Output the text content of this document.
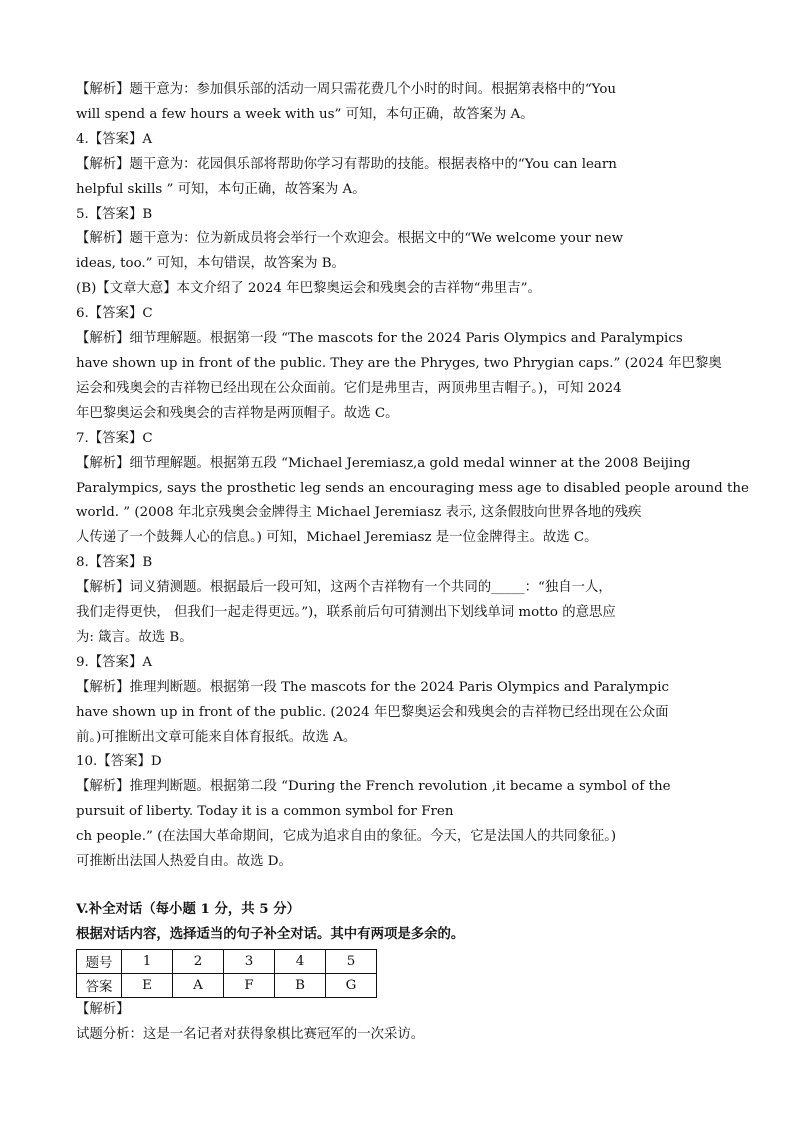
【解析】题干意为：参加俱乐部的活动一周只需花费几个小时的时间。根据第表格中的“You
will spend a few hours a week with us” 可知，本句正确，故答案为 A。
4.【答案】A
【解析】题干意为：花园俱乐部将帮助你学习有帮助的技能。根据表格中的“You can learn
helpful skills ” 可知，本句正确，故答案为 A。
5.【答案】B
【解析】题干意为：位为新成员将会举行一个欢迎会。根据文中的“We welcome your new
ideas, too.” 可知，本句错误，故答案为 B。
(B)【文章大意】本文介绍了 2024 年巴黎奥运会和残奥会的吉祥物“弗里吉”。
6.【答案】C
【解析】细节理解题。根据第一段 “The mascots for the 2024 Paris Olympics and Paralympics
have shown up in front of the public. They are the Phryges, two Phrygian caps.” (2024 年巴黎奥
运会和残奥会的吉祥物已经出现在公众面前。它们是弗里吉，两顶弗里吉帽子。)，可知 2024
年巴黎奥运会和残奥会的吉祥物是两顶帽子。故选 C。
7.【答案】C
【解析】细节理解题。根据第五段 “Michael Jeremiasz,a gold medal winner at the 2008 Beijing
Paralympics, says the prosthetic leg sends an encouraging mess age to disabled people around the
world. ” (2008 年北京残奥会金牌得主 Michael Jeremiasz 表示, 这条假肢向世界各地的残疾
人传递了一个鼓舞人心的信息。) 可知，Michael Jeremiasz 是一位金牌得主。故选 C。
8.【答案】B
【解析】词义猜测题。根据最后一段可知，这两个吉祥物有一个共同的_____：“独自一人，
我们走得更快， 但我们一起走得更远。”)，联系前后句可猜测出下划线单词 motto 的意思应
为: 箴言。故选 B。
9.【答案】A
【解析】推理判断题。根据第一段 The mascots for the 2024 Paris Olympics and Paralympic
have shown up in front of the public. (2024 年巴黎奥运会和残奥会的吉祥物已经出现在公众面
前。)可推断出文章可能来自体育报纸。故选 A。
10.【答案】D
【解析】推理判断题。根据第二段 “During the French revolution ,it became a symbol of the
pursuit of liberty. Today it is a common symbol for Fren
ch people.” (在法国大革命期间，它成为追求自由的象征。今天，它是法国人的共同象征。)
可推断出法国人热爱自由。故选 D。
V.补全对话（每小题 1 分，共 5 分）
根据对话内容，选择适当的句子补全对话。其中有两项是多余的。
题号	1	2	3	4	5
答案	E	A	F	B	G
【解析】
试题分析：这是一名记者对获得象棋比赛冠军的一次采访。
